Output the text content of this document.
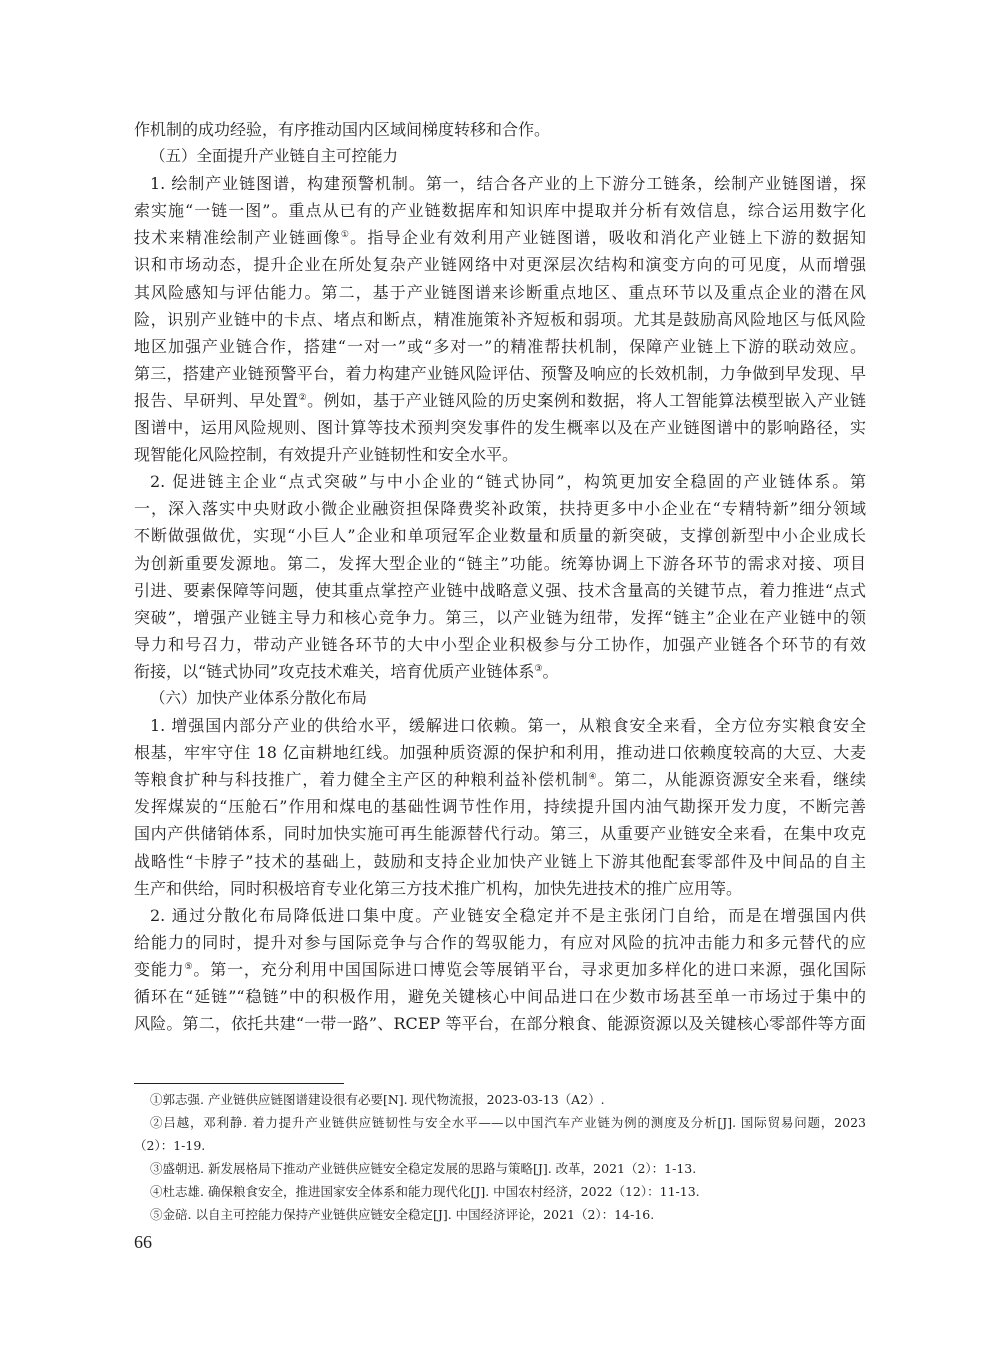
作机制的成功经验，有序推动国内区域间梯度转移和合作。
（五）全面提升产业链自主可控能力
1. 绘制产业链图谱，构建预警机制。第一，结合各产业的上下游分工链条，绘制产业链图谱，探
索实施“一链一图”。重点从已有的产业链数据库和知识库中提取并分析有效信息，综合运用数字化
技术来精准绘制产业链画像①。指导企业有效利用产业链图谱，吸收和消化产业链上下游的数据知
识和市场动态，提升企业在所处复杂产业链网络中对更深层次结构和演变方向的可见度，从而增强
其风险感知与评估能力。第二，基于产业链图谱来诊断重点地区、重点环节以及重点企业的潜在风
险，识别产业链中的卡点、堵点和断点，精准施策补齐短板和弱项。尤其是鼓励高风险地区与低风险
地区加强产业链合作，搭建“一对一”或“多对一”的精准帮扶机制，保障产业链上下游的联动效应。
第三，搭建产业链预警平台，着力构建产业链风险评估、预警及响应的长效机制，力争做到早发现、早
报告、早研判、早处置②。例如，基于产业链风险的历史案例和数据，将人工智能算法模型嵌入产业链
图谱中，运用风险规则、图计算等技术预判突发事件的发生概率以及在产业链图谱中的影响路径，实
现智能化风险控制，有效提升产业链韧性和安全水平。
2. 促进链主企业“点式突破”与中小企业的“链式协同”，构筑更加安全稳固的产业链体系。第
一，深入落实中央财政小微企业融资担保降费奖补政策，扶持更多中小企业在“专精特新”细分领域
不断做强做优，实现“小巨人”企业和单项冠军企业数量和质量的新突破，支撑创新型中小企业成长
为创新重要发源地。第二，发挥大型企业的“链主”功能。统筹协调上下游各环节的需求对接、项目
引进、要素保障等问题，使其重点掌控产业链中战略意义强、技术含量高的关键节点，着力推进“点式
突破”，增强产业链主导力和核心竞争力。第三，以产业链为纽带，发挥“链主”企业在产业链中的领
导力和号召力，带动产业链各环节的大中小型企业积极参与分工协作，加强产业链各个环节的有效
衔接，以“链式协同”攻克技术难关，培育优质产业链体系③。
（六）加快产业体系分散化布局
1. 增强国内部分产业的供给水平，缓解进口依赖。第一，从粮食安全来看，全方位夯实粮食安全
根基，牢牢守住 18 亿亩耕地红线。加强种质资源的保护和利用，推动进口依赖度较高的大豆、大麦
等粮食扩种与科技推广，着力健全主产区的种粮利益补偿机制④。第二，从能源资源安全来看，继续
发挥煤炭的“压舱石”作用和煤电的基础性调节性作用，持续提升国内油气勘探开发力度，不断完善
国内产供储销体系，同时加快实施可再生能源替代行动。第三，从重要产业链安全来看，在集中攻克
战略性“卡脖子”技术的基础上，鼓励和支持企业加快产业链上下游其他配套零部件及中间品的自主
生产和供给，同时积极培育专业化第三方技术推广机构，加快先进技术的推广应用等。
2. 通过分散化布局降低进口集中度。产业链安全稳定并不是主张闭门自给，而是在增强国内供
给能力的同时，提升对参与国际竞争与合作的驾驭能力，有应对风险的抗冲击能力和多元替代的应
变能力⑤。第一，充分利用中国国际进口博览会等展销平台，寻求更加多样化的进口来源，强化国际
循环在“延链”“稳链”中的积极作用，避免关键核心中间品进口在少数市场甚至单一市场过于集中的
风险。第二，依托共建“一带一路”、RCEP 等平台，在部分粮食、能源资源以及关键核心零部件等方面
①郭志强. 产业链供应链图谱建设很有必要[N]. 现代物流报，2023-03-13（A2）.
②吕越，邓利静. 着力提升产业链供应链韧性与安全水平——以中国汽车产业链为例的测度及分析[J]. 国际贸易问题，2023
（2）：1-19.
③盛朝迅. 新发展格局下推动产业链供应链安全稳定发展的思路与策略[J]. 改革，2021（2）：1-13.
④杜志雄. 确保粮食安全，推进国家安全体系和能力现代化[J]. 中国农村经济，2022（12）：11-13.
⑤金碚. 以自主可控能力保持产业链供应链安全稳定[J]. 中国经济评论，2021（2）：14-16.
66
